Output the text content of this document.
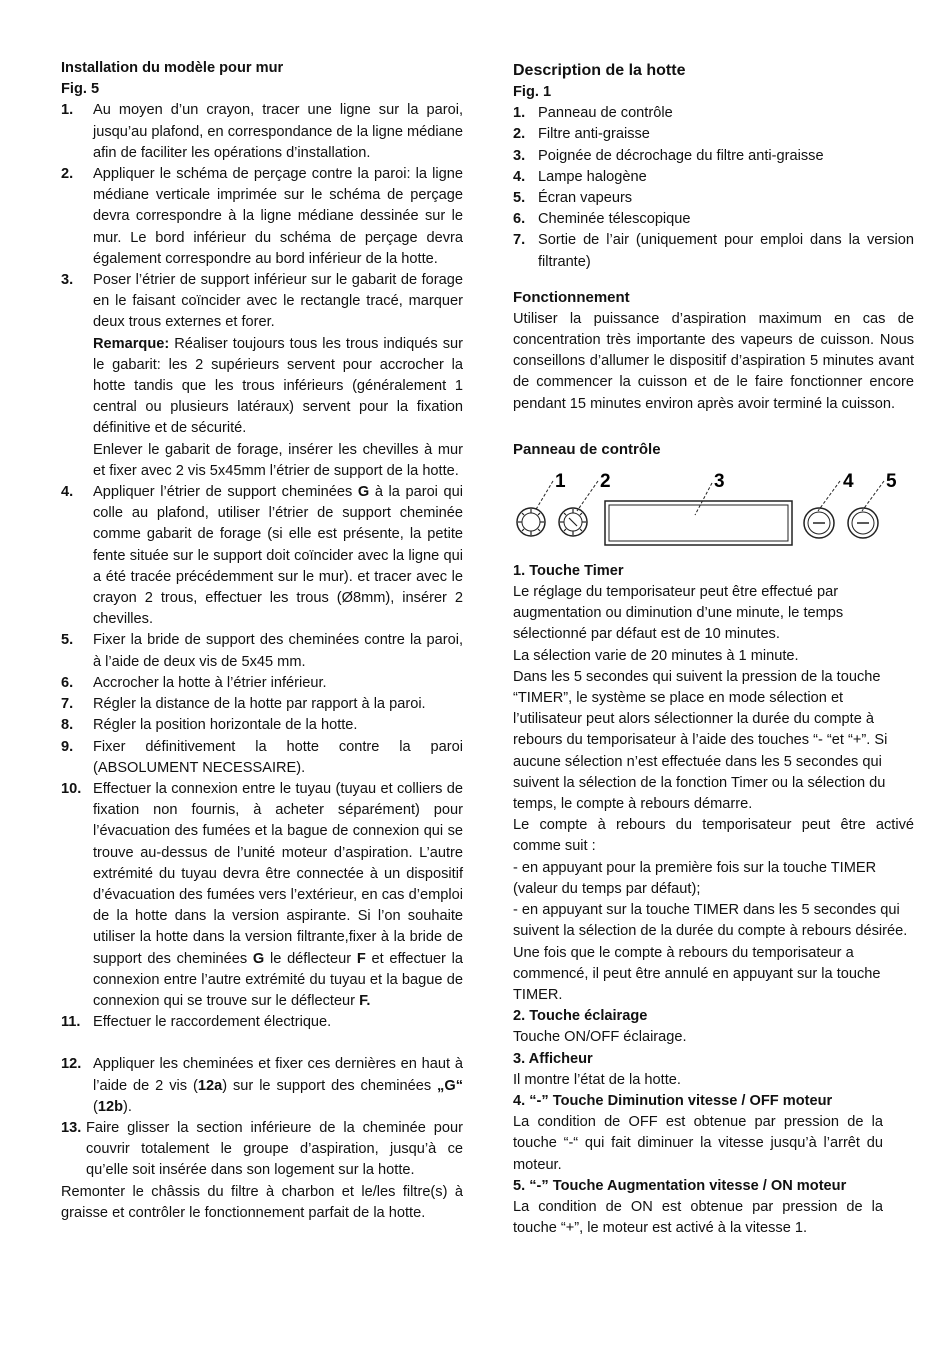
Installation du modèle pour mur
Fig. 5
1. Au moyen d’un crayon, tracer une ligne sur la paroi, jusqu’au plafond, en correspondance de la ligne médiane afin de faciliter les opérations d’installation.
2. Appliquer le schéma de perçage contre la paroi: la ligne médiane verticale imprimée sur le schéma de perçage devra correspondre à la ligne médiane dessinée sur le mur. Le bord inférieur du schéma de perçage devra également correspondre au bord inférieur de la hotte.
3. Poser l’étrier de support inférieur sur le gabarit de forage en le faisant coïncider avec le rectangle tracé, marquer deux trous externes et forer.
Remarque: Réaliser toujours tous les trous indiqués sur le gabarit: les 2 supérieurs servent pour accrocher la hotte tandis que les trous inférieurs (généralement 1 central ou plusieurs latéraux) servent pour la fixation définitive et de sécurité.
Enlever le gabarit de forage, insérer les chevilles à mur et fixer avec 2 vis 5x45mm l’étrier de support de la hotte.
4. Appliquer l’étrier de support cheminées G à la paroi qui colle au plafond, utiliser l’étrier de support cheminée comme gabarit de forage (si elle est présente, la petite fente située sur le support doit coïncider avec la ligne qui a été tracée précédemment sur le mur). et tracer avec le crayon 2 trous, effectuer les trous (Ø8mm), insérer 2 chevilles.
5. Fixer la bride de support des cheminées contre la paroi, à l’aide de deux vis de 5x45 mm.
6. Accrocher la hotte à l’étrier inférieur.
7. Régler la distance de la hotte par rapport à la paroi.
8. Régler la position horizontale de la hotte.
9. Fixer définitivement la hotte contre la paroi (ABSOLUMENT NECESSAIRE).
10. Effectuer la connexion entre le tuyau (tuyau et colliers de fixation non fournis, à acheter séparément) pour l’évacuation des fumées et la bague de connexion qui se trouve au-dessus de l’unité moteur d’aspiration. L’autre extrémité du tuyau devra être connectée à un dispositif d’évacuation des fumées vers l’extérieur, en cas d’emploi de la hotte dans la version aspirante. Si l’on souhaite utiliser la hotte dans la version filtrante,fixer à la bride de support des cheminées G le déflecteur F et effectuer la connexion entre l’autre extrémité du tuyau et la bague de connexion qui se trouve sur le déflecteur F.
11. Effectuer le raccordement électrique.
12. Appliquer les cheminées et fixer ces dernières en haut à l’aide de 2 vis (12a) sur le support des cheminées „G“ (12b).
13. Faire glisser la section inférieure de la cheminée pour couvrir totalement le groupe d’aspiration, jusqu’à ce qu’elle soit insérée dans son logement sur la hotte.
Remonter le châssis du filtre à charbon et le/les filtre(s) à graisse et contrôler le fonctionnement parfait de la hotte.
Description de la hotte
Fig. 1
1. Panneau de contrôle
2. Filtre anti-graisse
3. Poignée de décrochage du filtre anti-graisse
4. Lampe halogène
5. Écran vapeurs
6. Cheminée télescopique
7. Sortie de l’air (uniquement pour emploi dans la version filtrante)
Fonctionnement
Utiliser la puissance d’aspiration maximum en cas de concentration très importante des vapeurs de cuisson. Nous conseillons d’allumer le dispositif d’aspiration 5 minutes avant de commencer la cuisson et de le faire fonctionner encore pendant 15 minutes environ après avoir terminé la cuisson.
Panneau de contrôle
1 2	3	4 5
1. Touche Timer
Le réglage du temporisateur peut être effectué par augmentation ou diminution d’une minute, le temps sélectionné par défaut est de 10 minutes.
La sélection varie de 20 minutes à 1 minute.
Dans les 5 secondes qui suivent la pression de la touche “TIMER”, le système se place en mode sélection et l’utilisateur peut alors sélectionner la durée du compte à rebours du temporisateur à l’aide des touches “- “et “+”. Si aucune sélection n’est effectuée dans les 5 secondes qui suivent la sélection de la fonction Timer ou la sélection du temps, le compte à rebours démarre.
Le compte à rebours du temporisateur peut être activé comme suit :
- en appuyant pour la première fois sur la touche TIMER (valeur du temps par défaut);
- en appuyant sur la touche TIMER dans les 5 secondes qui suivent la sélection de la durée du compte à rebours désirée.
Une fois que le compte à rebours du temporisateur a commencé, il peut être annulé en appuyant sur la touche TIMER.
2. Touche éclairage
Touche ON/OFF éclairage.
3. Afficheur
Il montre l’état de la hotte.
4. “-” Touche Diminution vitesse / OFF moteur
La condition de OFF est obtenue par pression de la touche “-“ qui fait diminuer la vitesse jusqu’à l’arrêt du moteur.
5. “-” Touche Augmentation vitesse / ON moteur
La condition de ON est obtenue par pression de la touche “+”, le moteur est activé à la vitesse 1.
